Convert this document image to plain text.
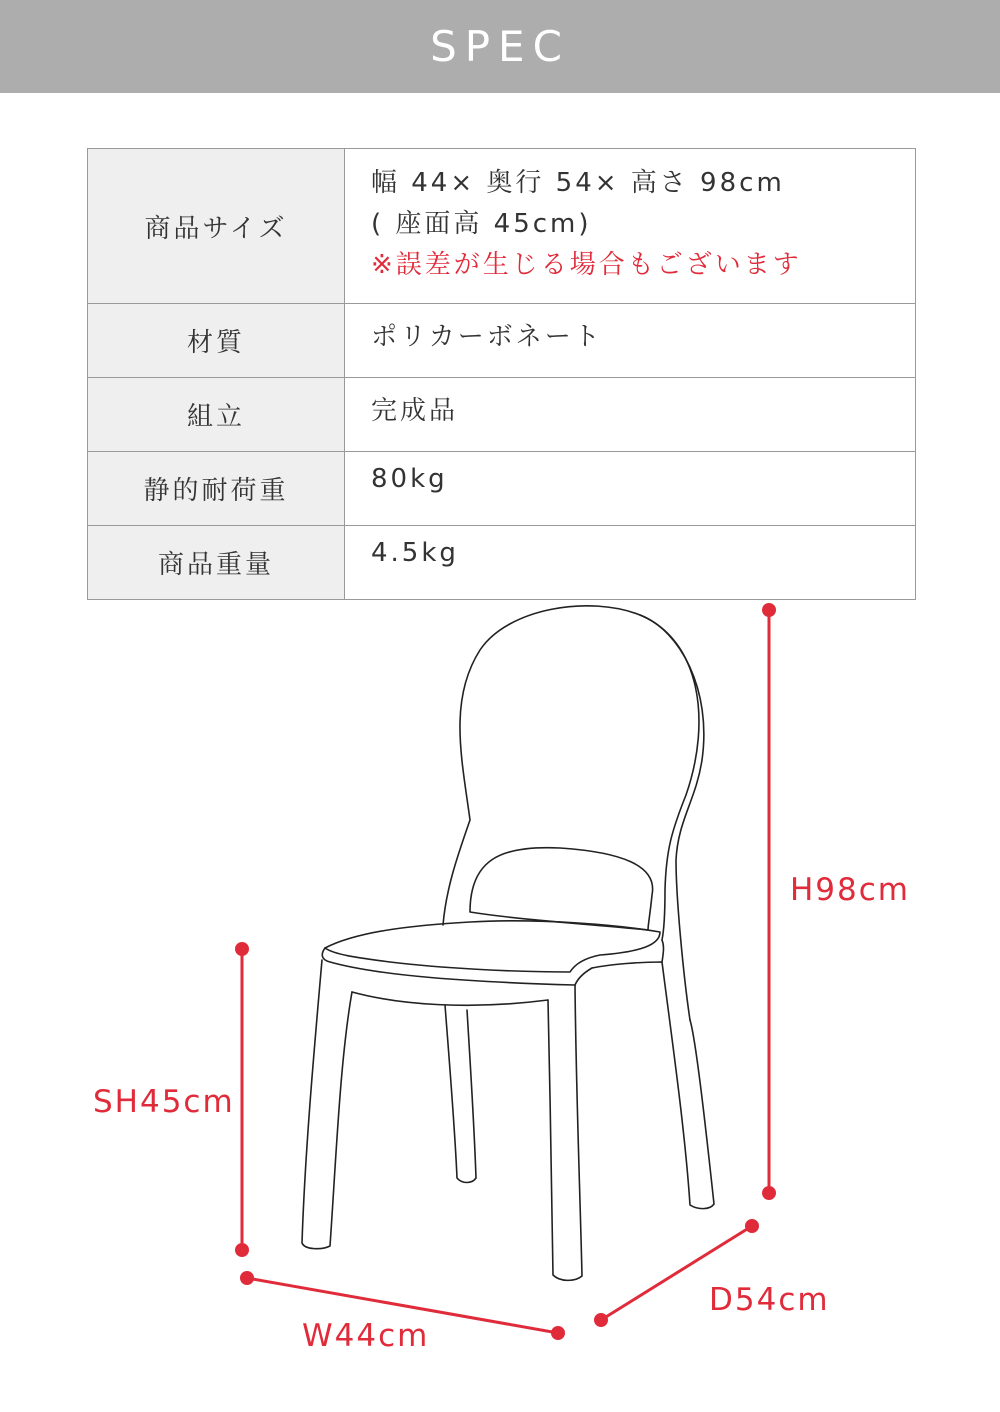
SPEC
商品サイズ	幅 44× 奥行 54× 高さ 98cm
( 座面高 45cm)
※誤差が生じる場合もございます

材質	ポリカーボネート
組立	完成品
静的耐荷重	80kg
商品重量	4.5kg
H98cm
SH45cm
W44cm
D54cm
